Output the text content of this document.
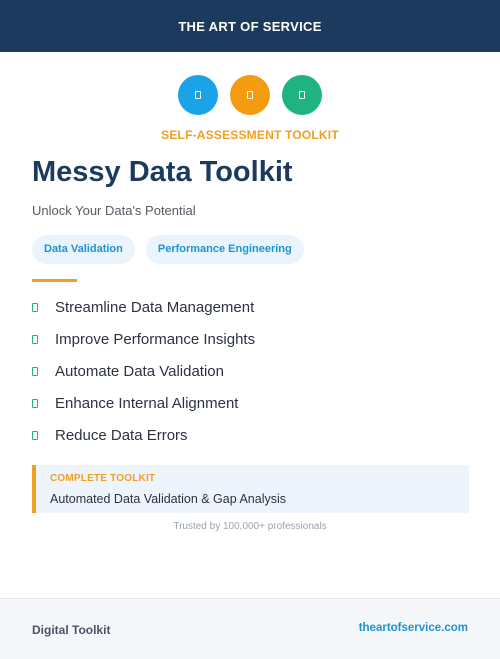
THE ART OF SERVICE
SELF-ASSESSMENT TOOLKIT
Messy Data Toolkit
Unlock Your Data's Potential
Data Validation	Performance Engineering
Streamline Data Management
Improve Performance Insights
Automate Data Validation
Enhance Internal Alignment
Reduce Data Errors
COMPLETE TOOLKIT
Automated Data Validation & Gap Analysis
Trusted by 100,000+ professionals
Digital Toolkit	theartofservice.com
